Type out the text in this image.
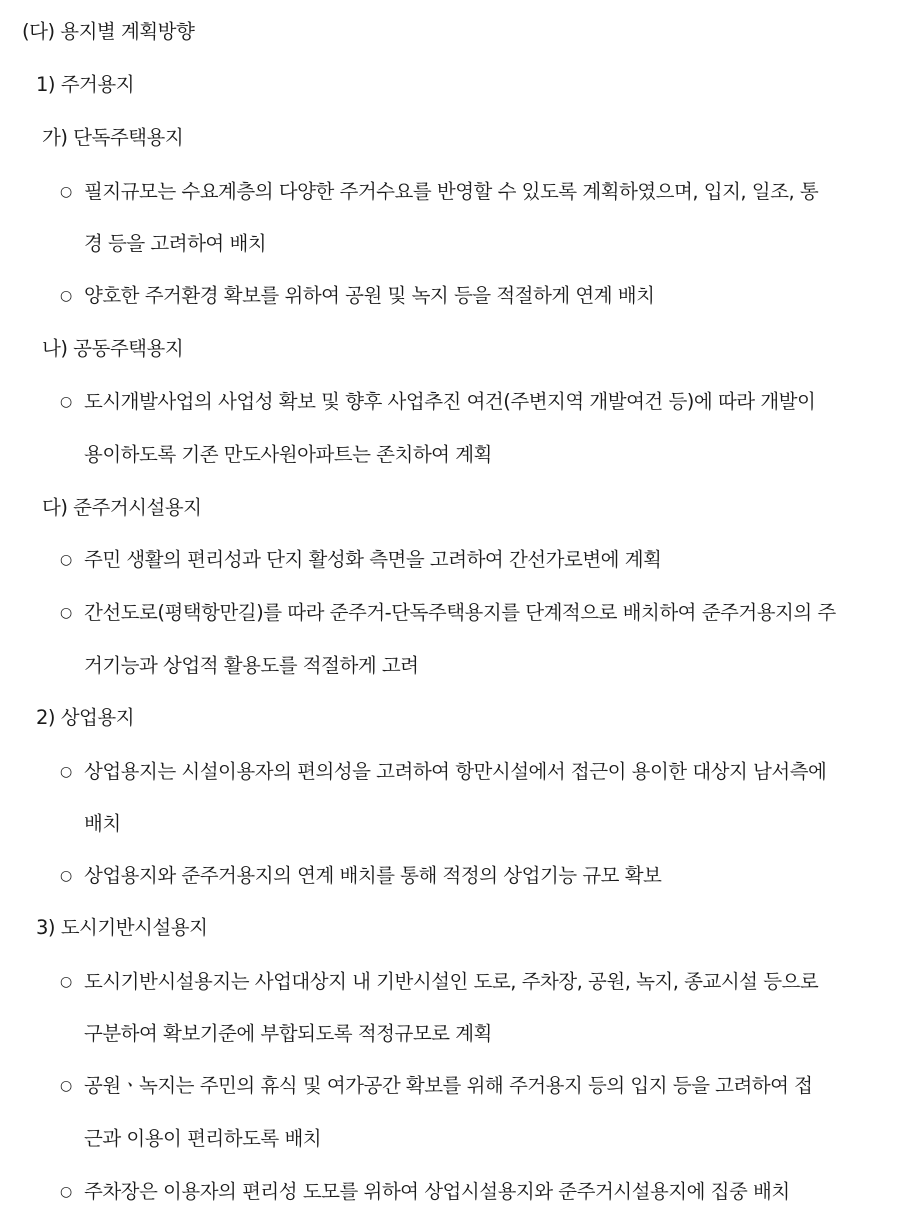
(다) 용지별 계획방향
1) 주거용지
가) 단독주택용지
○ 필지규모는 수요계층의 다양한 주거수요를 반영할 수 있도록 계획하였으며, 입지, 일조, 통
경 등을 고려하여 배치
○ 양호한 주거환경 확보를 위하여 공원 및 녹지 등을 적절하게 연계 배치
나) 공동주택용지
○ 도시개발사업의 사업성 확보 및 향후 사업추진 여건(주변지역 개발여건 등)에 따라 개발이
용이하도록 기존 만도사원아파트는 존치하여 계획
다) 준주거시설용지
○ 주민 생활의 편리성과 단지 활성화 측면을 고려하여 간선가로변에 계획
○ 간선도로(평택항만길)를 따라 준주거-단독주택용지를 단계적으로 배치하여 준주거용지의 주
거기능과 상업적 활용도를 적절하게 고려
2) 상업용지
○ 상업용지는 시설이용자의 편의성을 고려하여 항만시설에서 접근이 용이한 대상지 남서측에
배치
○ 상업용지와 준주거용지의 연계 배치를 통해 적정의 상업기능 규모 확보
3) 도시기반시설용지
○ 도시기반시설용지는 사업대상지 내 기반시설인 도로, 주차장, 공원, 녹지, 종교시설 등으로
구분하여 확보기준에 부합되도록 적정규모로 계획
○ 공원ㆍ녹지는 주민의 휴식 및 여가공간 확보를 위해 주거용지 등의 입지 등을 고려하여 접
근과 이용이 편리하도록 배치
○ 주차장은 이용자의 편리성 도모를 위하여 상업시설용지와 준주거시설용지에 집중 배치
